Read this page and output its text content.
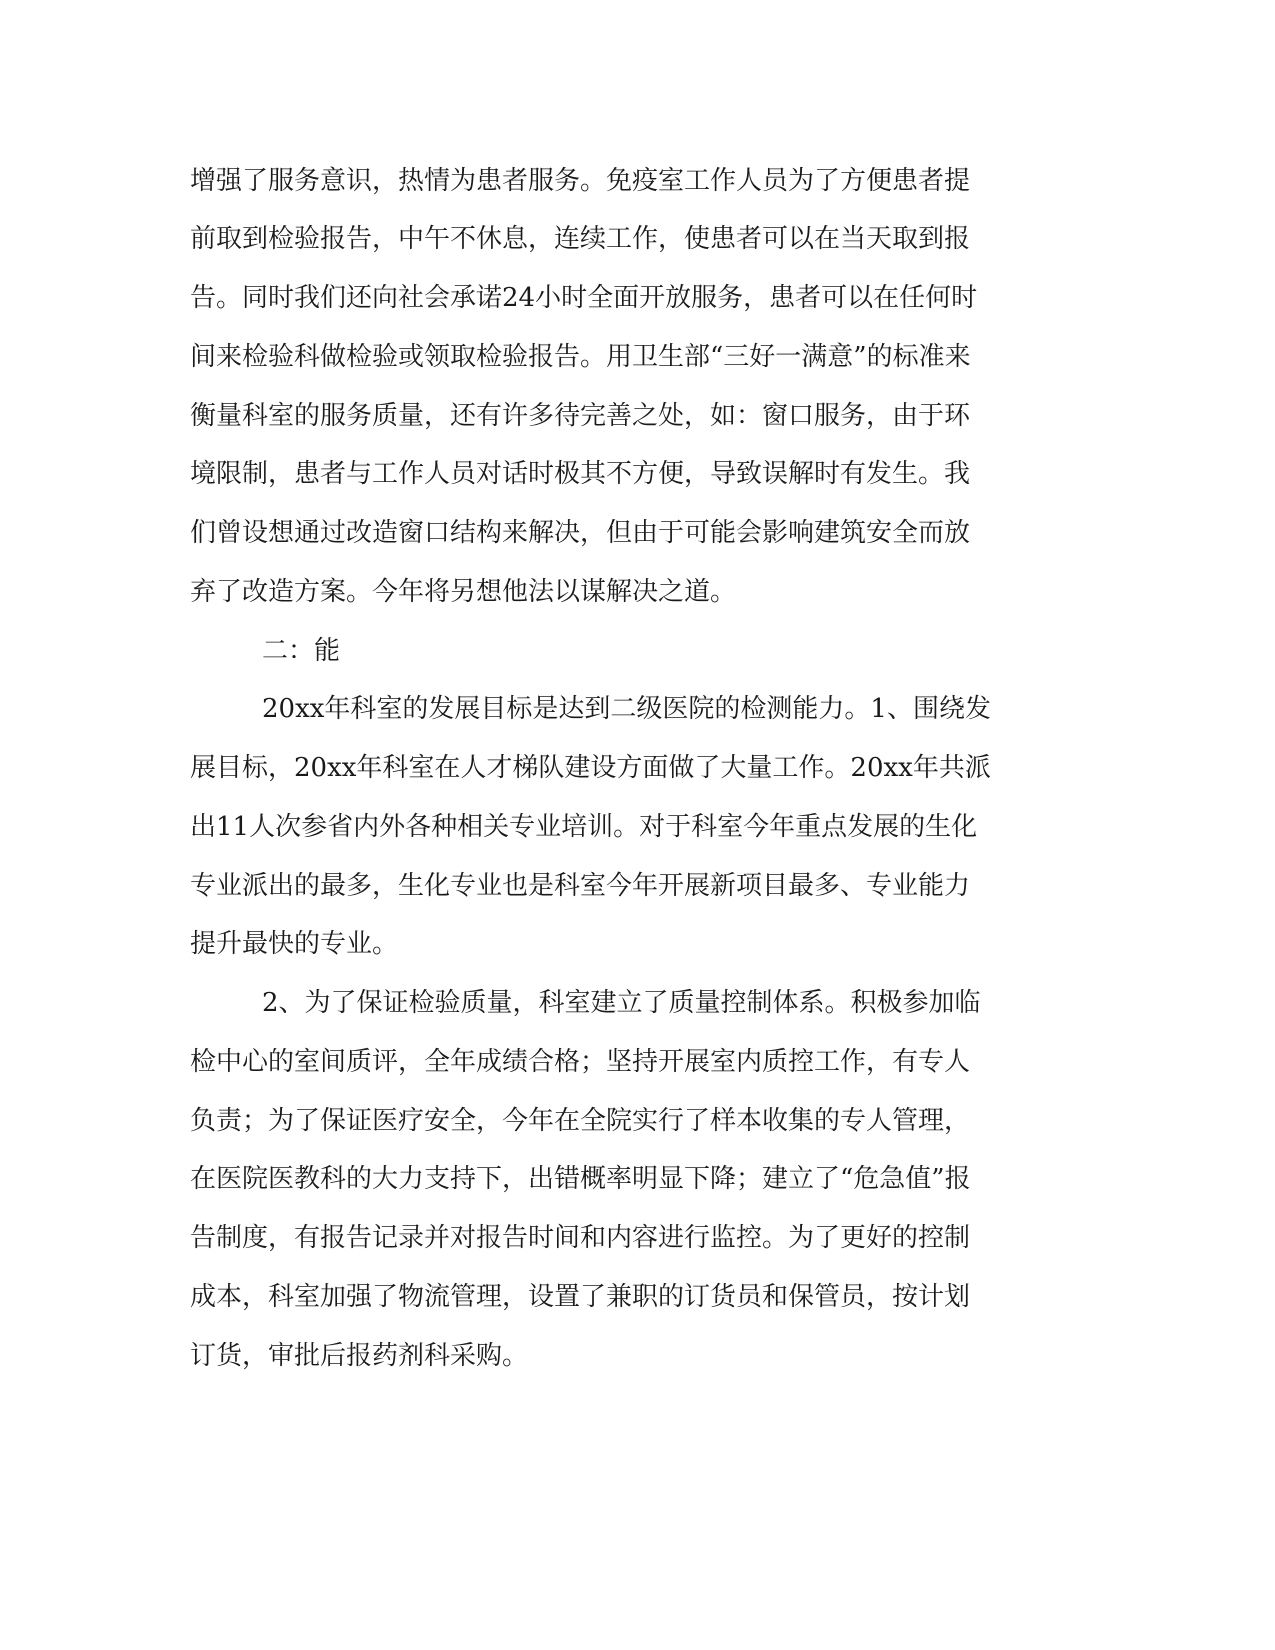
增强了服务意识，热情为患者服务。免疫室工作人员为了方便患者提
前取到检验报告，中午不休息，连续工作，使患者可以在当天取到报
告。同时我们还向社会承诺24小时全面开放服务，患者可以在任何时
间来检验科做检验或领取检验报告。用卫生部“三好一满意”的标准来
衡量科室的服务质量，还有许多待完善之处，如：窗口服务，由于环
境限制，患者与工作人员对话时极其不方便，导致误解时有发生。我
们曾设想通过改造窗口结构来解决，但由于可能会影响建筑安全而放
弃了改造方案。今年将另想他法以谋解决之道。
二：能
20xx年科室的发展目标是达到二级医院的检测能力。1、围绕发
展目标，20xx年科室在人才梯队建设方面做了大量工作。20xx年共派
出11人次参省内外各种相关专业培训。对于科室今年重点发展的生化
专业派出的最多，生化专业也是科室今年开展新项目最多、专业能力
提升最快的专业。
2、为了保证检验质量，科室建立了质量控制体系。积极参加临
检中心的室间质评，全年成绩合格；坚持开展室内质控工作，有专人
负责；为了保证医疗安全，今年在全院实行了样本收集的专人管理，
在医院医教科的大力支持下，出错概率明显下降；建立了“危急值”报
告制度，有报告记录并对报告时间和内容进行监控。为了更好的控制
成本，科室加强了物流管理，设置了兼职的订货员和保管员，按计划
订货，审批后报药剂科采购。
